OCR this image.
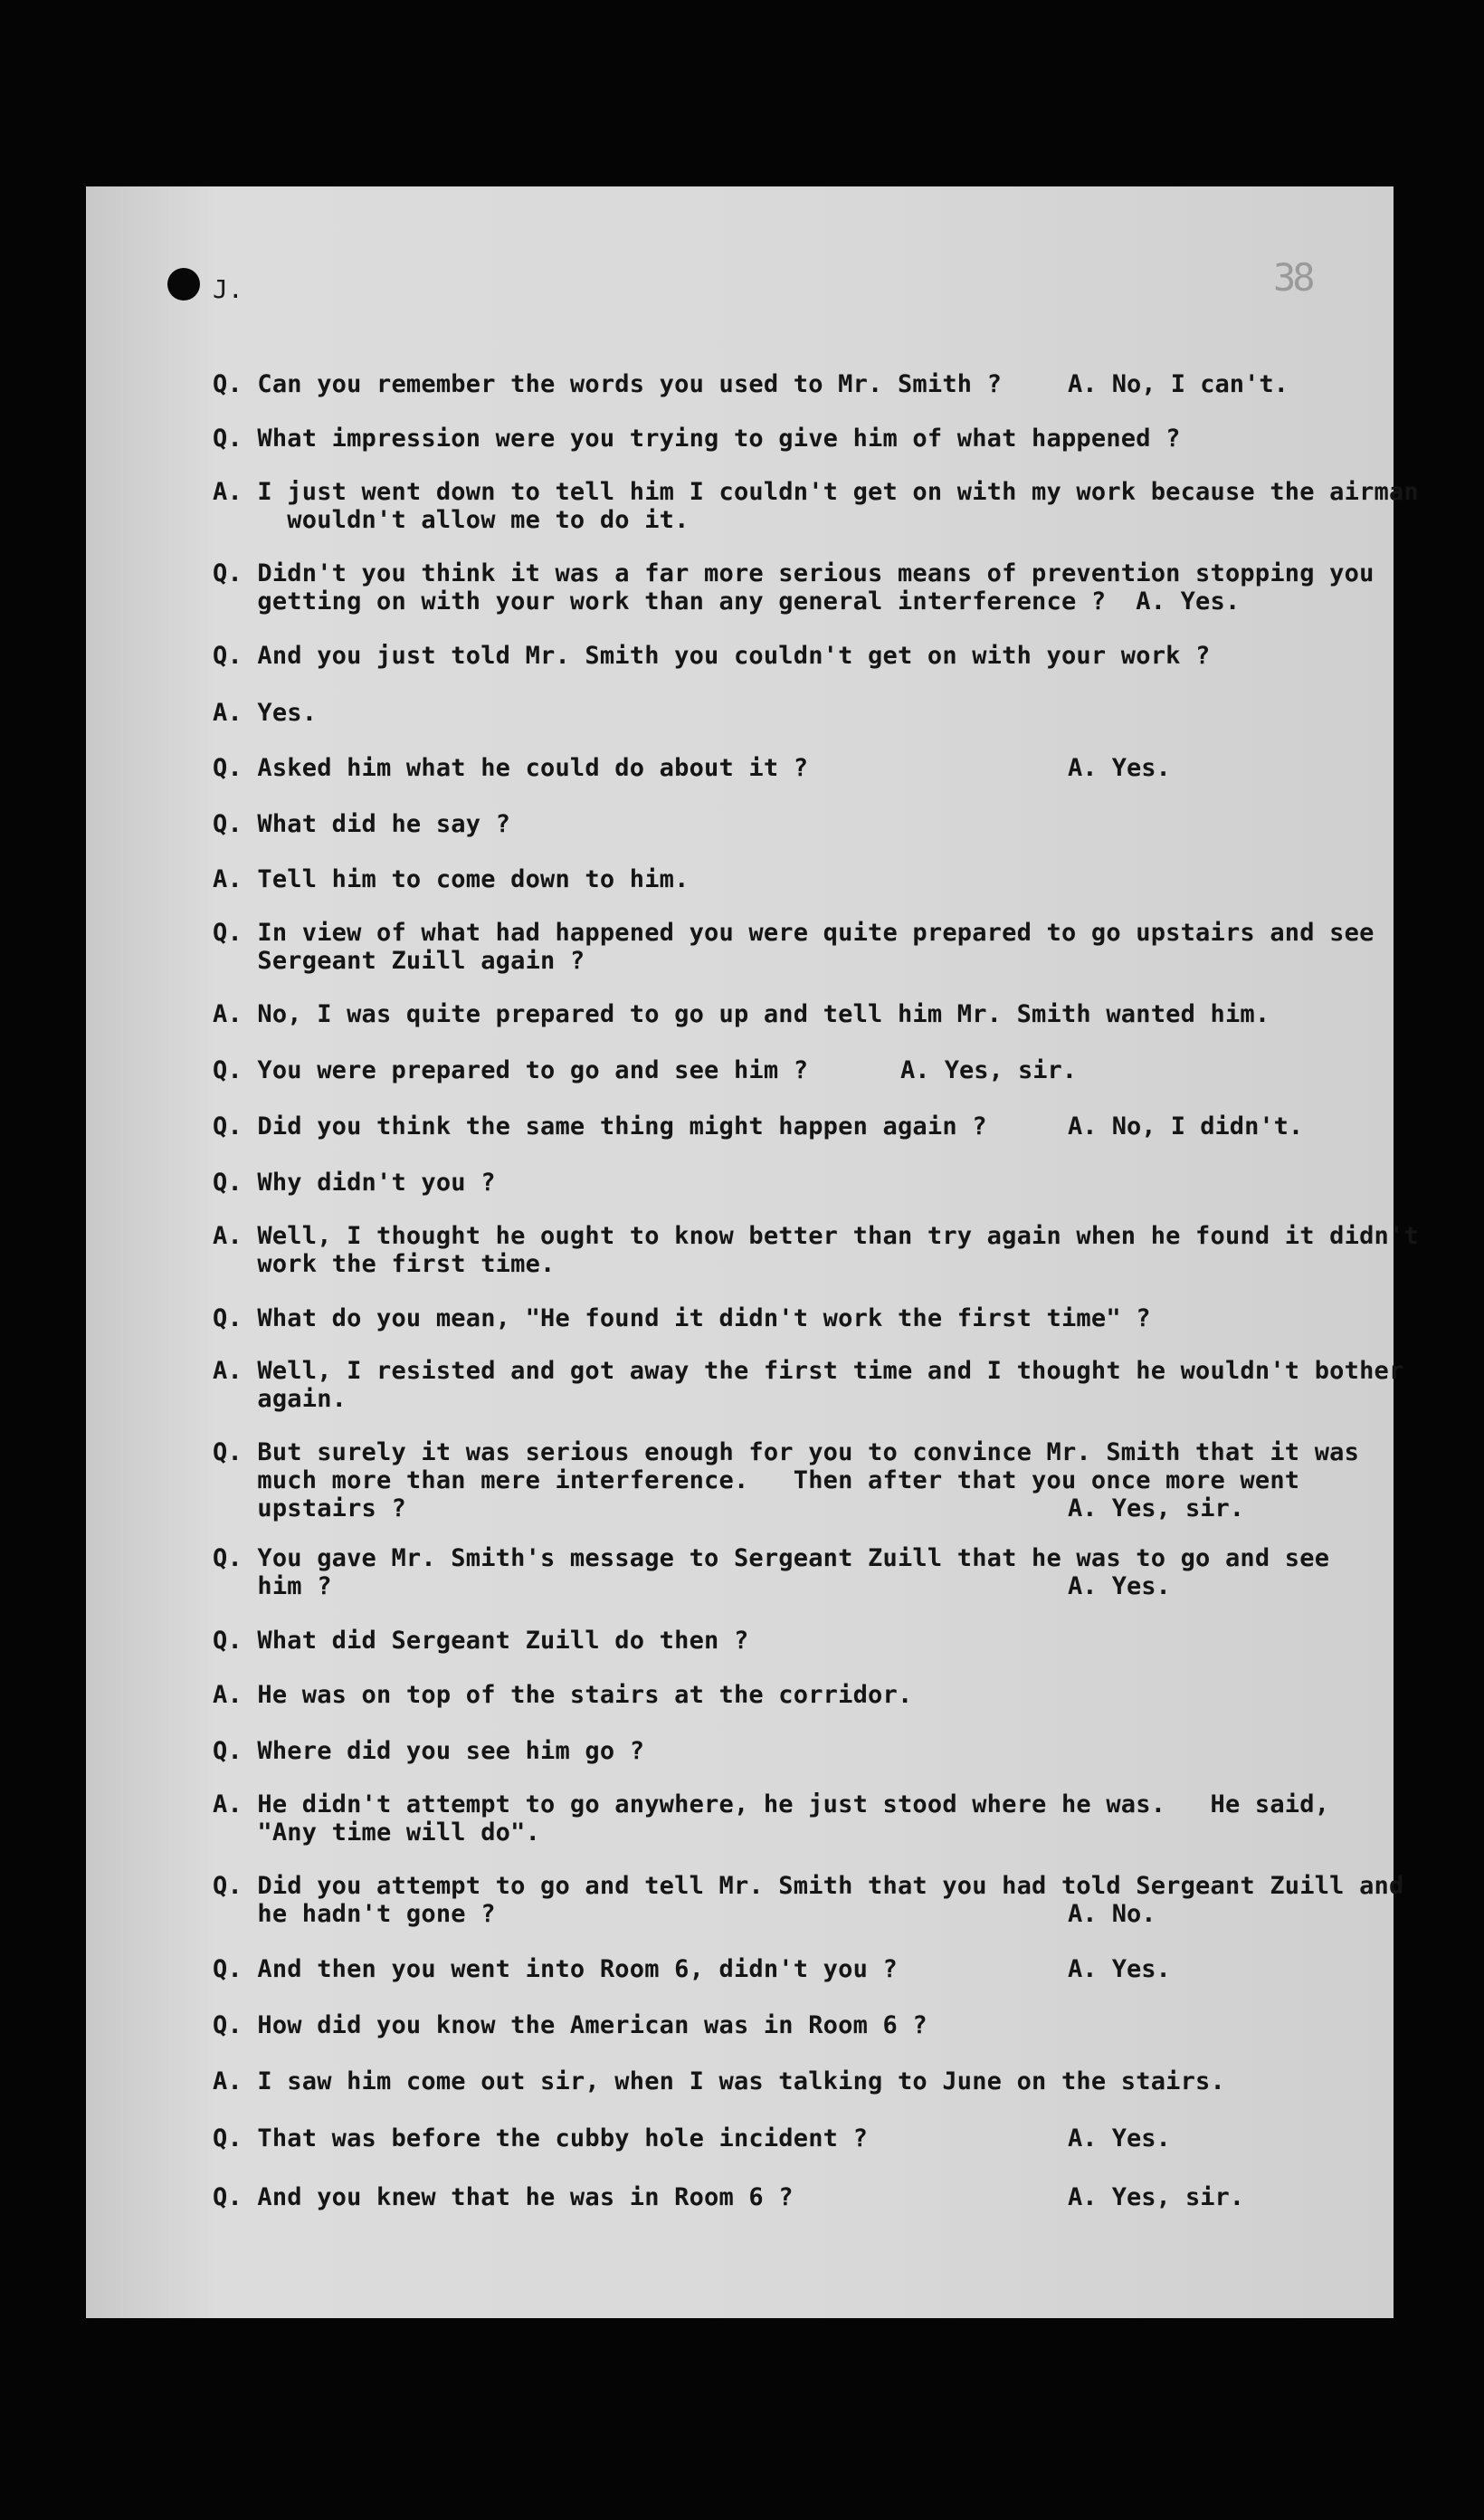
J.	38
Q. Can you remember the words you used to Mr. Smith ?	A. No, I can't.
Q. What impression were you trying to give him of what happened ?
A. I just went down to tell him I couldn't get on with my work because the airman
wouldn't allow me to do it.
Q. Didn't you think it was a far more serious means of prevention stopping you
getting on with your work than any general interference ?  A. Yes.
Q. And you just told Mr. Smith you couldn't get on with your work ?
A. Yes.
Q. Asked him what he could do about it ?	A. Yes.
Q. What did he say ?
A. Tell him to come down to him.
Q. In view of what had happened you were quite prepared to go upstairs and see
Sergeant Zuill again ?
A. No, I was quite prepared to go up and tell him Mr. Smith wanted him.
Q. You were prepared to go and see him ?	A. Yes, sir.
Q. Did you think the same thing might happen again ?	A. No, I didn't.
Q. Why didn't you ?
A. Well, I thought he ought to know better than try again when he found it didn't
work the first time.
Q. What do you mean, "He found it didn't work the first time" ?
A. Well, I resisted and got away the first time and I thought he wouldn't bother
again.
Q. But surely it was serious enough for you to convince Mr. Smith that it was
much more than mere interference.   Then after that you once more went
upstairs ?	A. Yes, sir.
Q. You gave Mr. Smith's message to Sergeant Zuill that he was to go and see
him ?	A. Yes.
Q. What did Sergeant Zuill do then ?
A. He was on top of the stairs at the corridor.
Q. Where did you see him go ?
A. He didn't attempt to go anywhere, he just stood where he was.   He said,
"Any time will do".
Q. Did you attempt to go and tell Mr. Smith that you had told Sergeant Zuill and
he hadn't gone ?	A. No.
Q. And then you went into Room 6, didn't you ?	A. Yes.
Q. How did you know the American was in Room 6 ?
A. I saw him come out sir, when I was talking to June on the stairs.
Q. That was before the cubby hole incident ?	A. Yes.
Q. And you knew that he was in Room 6 ?	A. Yes, sir.
